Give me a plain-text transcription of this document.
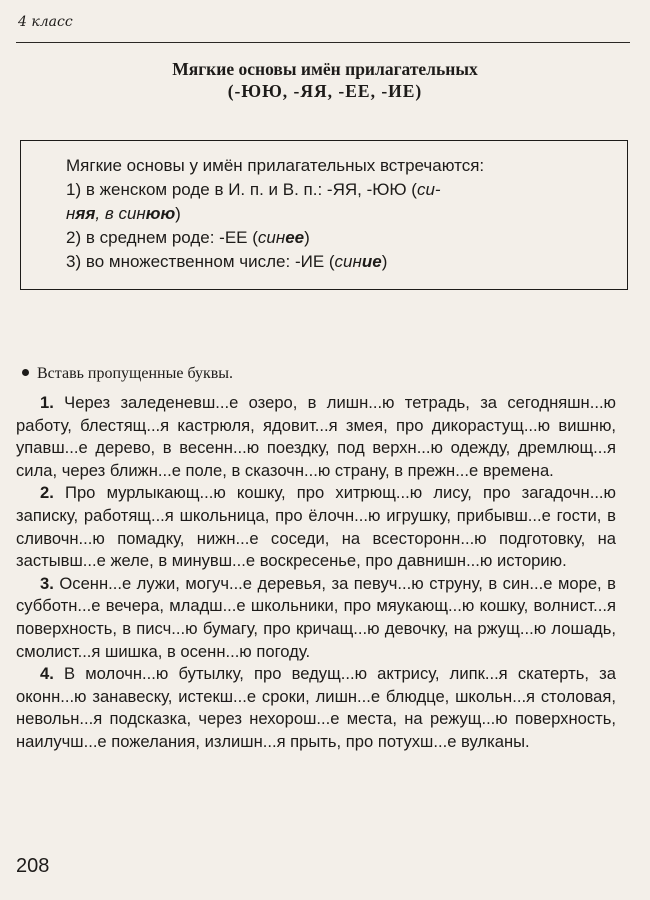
4 класс
Мягкие основы имён прилагательных
(-ЮЮ, -ЯЯ, -ЕЕ, -ИЕ)

Мягкие основы у имён прилагательных встречаются:

1) в женском роде в И. п. и В. п.: -ЯЯ, -ЮЮ (си-
няя, в синюю)

2) в среднем роде: -ЕЕ (синее)

3) во множественном числе: -ИЕ (синие)

Вставь пропущенные буквы.

1. Через заледеневш...е озеро, в лишн...ю тетрадь, за сегодняшн...ю работу, блестящ...я кастрюля, ядовит...я змея, про дикорастущ...ю вишню, упавш...е дерево, в весенн...ю поездку, под верхн...ю одежду, дремлющ...я сила, через ближн...е поле, в сказочн...ю страну, в прежн...е времена.

2. Про мурлыкающ...ю кошку, про хитрющ...ю лису, про загадочн...ю записку, работящ...я школьница, про ёлочн...ю игрушку, прибывш...е гости, в сливочн...ю помадку, нижн...е соседи, на всесторонн...ю подготовку, на застывш...е желе, в минувш...е воскресенье, про давнишн...ю историю.

3. Осенн...е лужи, могуч...е деревья, за певуч...ю струну, в син...е море, в субботн...е вечера, младш...е школьники, про мяукающ...ю кошку, волнист...я поверхность, в писч...ю бумагу, про кричащ...ю девочку, на ржущ...ю лошадь, смолист...я шишка, в осенн...ю погоду.

4. В молочн...ю бутылку, про ведущ...ю актрису, липк...я скатерть, за оконн...ю занавеску, истекш...е сроки, лишн...е блюдце, школьн...я столовая, невольн...я подсказка, через нехорош...е места, на режущ...ю поверхность, наилучш...е пожелания, излишн...я прыть, про потухш...е вулканы.

208
